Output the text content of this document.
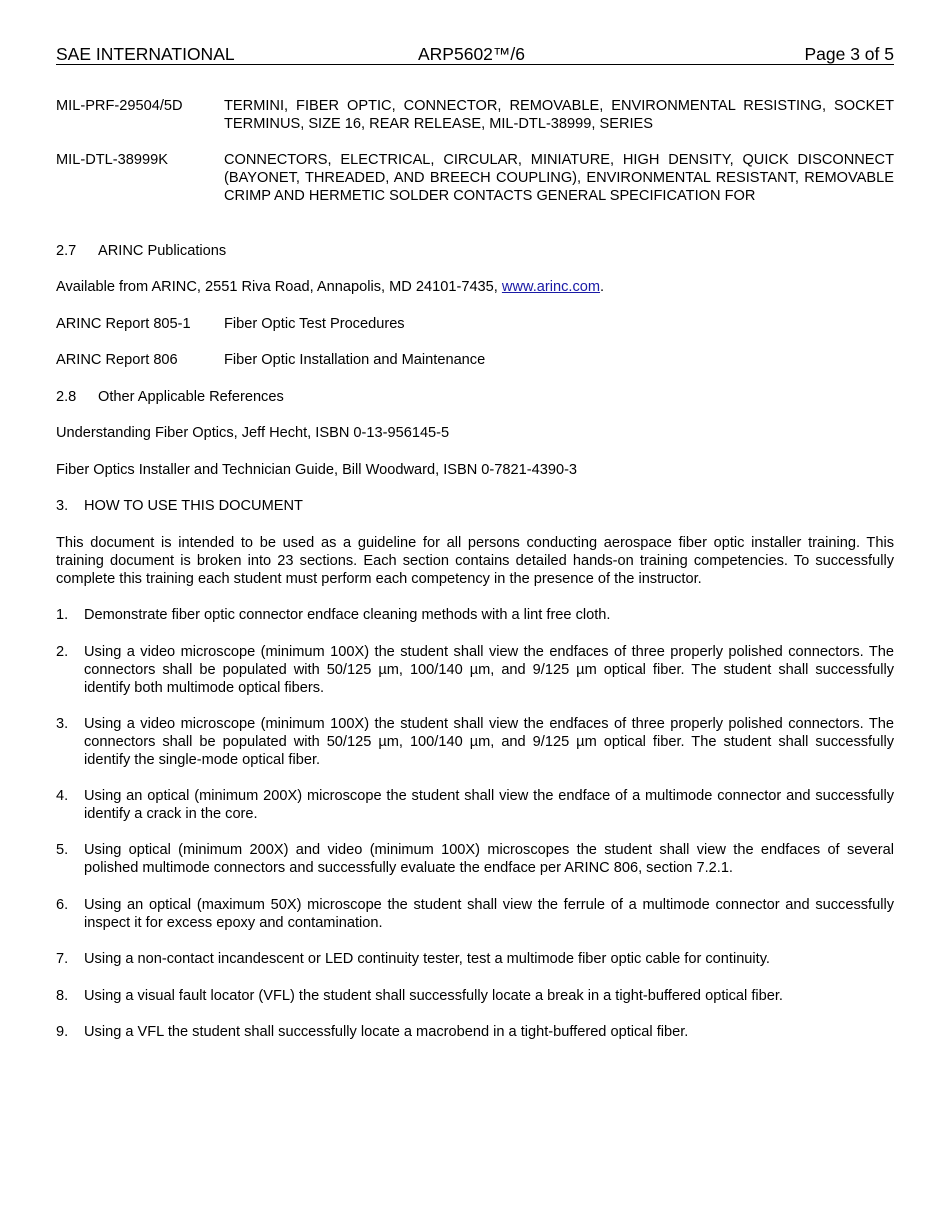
SAE INTERNATIONAL	ARP5602™/6	Page 3 of 5
MIL-PRF-29504/5D	TERMINI, FIBER OPTIC, CONNECTOR, REMOVABLE, ENVIRONMENTAL RESISTING, SOCKET TERMINUS, SIZE 16, REAR RELEASE, MIL-DTL-38999, SERIES
MIL-DTL-38999K	CONNECTORS, ELECTRICAL, CIRCULAR, MINIATURE, HIGH DENSITY, QUICK DISCONNECT (BAYONET, THREADED, AND BREECH COUPLING), ENVIRONMENTAL RESISTANT, REMOVABLE CRIMP AND HERMETIC SOLDER CONTACTS GENERAL SPECIFICATION FOR
2.7 ARINC Publications
Available from ARINC, 2551 Riva Road, Annapolis, MD 24101-7435, www.arinc.com.
ARINC Report 805-1 Fiber Optic Test Procedures
ARINC Report 806	Fiber Optic Installation and Maintenance
2.8 Other Applicable References
Understanding Fiber Optics, Jeff Hecht, ISBN 0-13-956145-5
Fiber Optics Installer and Technician Guide, Bill Woodward, ISBN 0-7821-4390-3
3. HOW TO USE THIS DOCUMENT
This document is intended to be used as a guideline for all persons conducting aerospace fiber optic installer training. This training document is broken into 23 sections. Each section contains detailed hands-on training competencies. To successfully complete this training each student must perform each competency in the presence of the instructor.
1. Demonstrate fiber optic connector endface cleaning methods with a lint free cloth.
2. Using a video microscope (minimum 100X) the student shall view the endfaces of three properly polished connectors. The connectors shall be populated with 50/125 µm, 100/140 µm, and 9/125 µm optical fiber. The student shall successfully identify both multimode optical fibers.
3. Using a video microscope (minimum 100X) the student shall view the endfaces of three properly polished connectors. The connectors shall be populated with 50/125 µm, 100/140 µm, and 9/125 µm optical fiber. The student shall successfully identify the single-mode optical fiber.
4. Using an optical (minimum 200X) microscope the student shall view the endface of a multimode connector and successfully identify a crack in the core.
5. Using optical (minimum 200X) and video (minimum 100X) microscopes the student shall view the endfaces of several polished multimode connectors and successfully evaluate the endface per ARINC 806, section 7.2.1.
6. Using an optical (maximum 50X) microscope the student shall view the ferrule of a multimode connector and successfully inspect it for excess epoxy and contamination.
7. Using a non-contact incandescent or LED continuity tester, test a multimode fiber optic cable for continuity.
8. Using a visual fault locator (VFL) the student shall successfully locate a break in a tight-buffered optical fiber.
9. Using a VFL the student shall successfully locate a macrobend in a tight-buffered optical fiber.
